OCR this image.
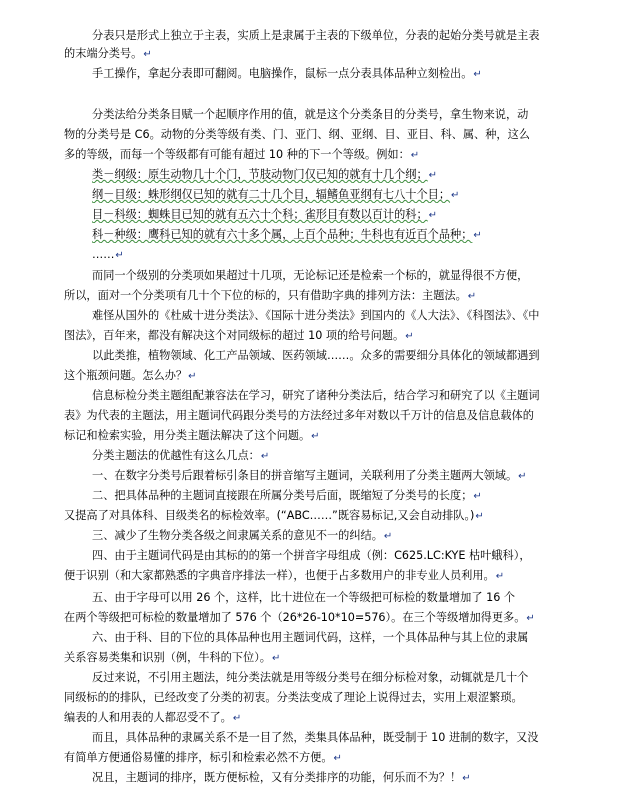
分表只是形式上独立于主表，实质上是隶属于主表的下级单位，分表的起始分类号就是主表
的末端分类号。↵
手工操作，拿起分表即可翻阅。电脑操作，鼠标一点分表具体品种立刻检出。↵
分类法给分类条目赋一个起顺序作用的值，就是这个分类条目的分类号，拿生物来说，动
物的分类号是 C6。动物的分类等级有类、门、亚门、纲、亚纲、目、亚目、科、属、种，这么
多的等级，而每一个等级都有可能有超过 10 种的下一个等级。例如：↵
类－纲级：原生动物几十个门，节肢动物门仅已知的就有十几个纲；↵
纲－目级：蛛形纲仅已知的就有二十几个目，辐鳍鱼亚纲有七八十个目；↵
目－科级：蜘蛛目已知的就有五六十个科；雀形目有数以百计的科；↵
科－种级：鹰科已知的就有六十多个属，上百个品种；牛科也有近百个品种；↵
……↵
而同一个级别的分类项如果超过十几项，无论标记还是检索一个标的，就显得很不方便，
所以，面对一个分类项有几十个下位的标的，只有借助字典的排列方法：主题法。↵
难怪从国外的《杜威十进分类法》、《国际十进分类法》到国内的《人大法》、《科图法》、《中
图法》，百年来，都没有解决这个对同级标的超过 10 项的给号问题。↵
以此类推，植物领域、化工产品领域、医药领域……。众多的需要细分具体化的领域都遇到
这个瓶颈问题。怎么办？↵
信息标检分类主题组配兼容法在学习，研究了诸种分类法后，结合学习和研究了以《主题词
表》为代表的主题法，用主题词代码跟分类号的方法经过多年对数以千万计的信息及信息载体的
标记和检索实验，用分类主题法解决了这个问题。↵
分类主题法的优越性有这么几点：↵
一、在数字分类号后跟着标引条目的拼音缩写主题词，关联利用了分类主题两大领域。↵
二、把具体品种的主题词直接跟在所属分类号后面，既缩短了分类号的长度；↵
又提高了对具体科、目级类名的标检效率。(“ABC……”既容易标记,又会自动排队。)↵
三、减少了生物分类各级之间隶属关系的意见不一的纠结。↵
四、由于主题词代码是由其标的的第一个拼音字母组成（例：C625.LC:KYE 枯叶蛾科），
便于识别（和大家都熟悉的字典音序排法一样），也便于占多数用户的非专业人员利用。↵
五、由于字母可以用 26 个，这样，比十进位在一个等级把可标检的数量增加了 16 个
在两个等级把可标检的数量增加了 576 个（26*26-10*10=576）。在三个等级增加得更多。↵
六、由于科、目的下位的具体品种也用主题词代码，这样，一个具体品种与其上位的隶属
关系容易类集和识别（例，牛科的下位）。↵
反过来说，不引用主题法，纯分类法就是用等级分类号在细分标检对象，动辄就是几十个
同级标的的排队，已经改变了分类的初衷。分类法变成了理论上说得过去，实用上艰涩繁琐。
编表的人和用表的人都忍受不了。↵
而且，具体品种的隶属关系不是一目了然，类集具体品种，既受制于 10 进制的数字，又没
有简单方便通俗易懂的排序，标引和检索必然不方便。↵
况且，主题词的排序，既方便标检，又有分类排序的功能，何乐而不为？！↵
